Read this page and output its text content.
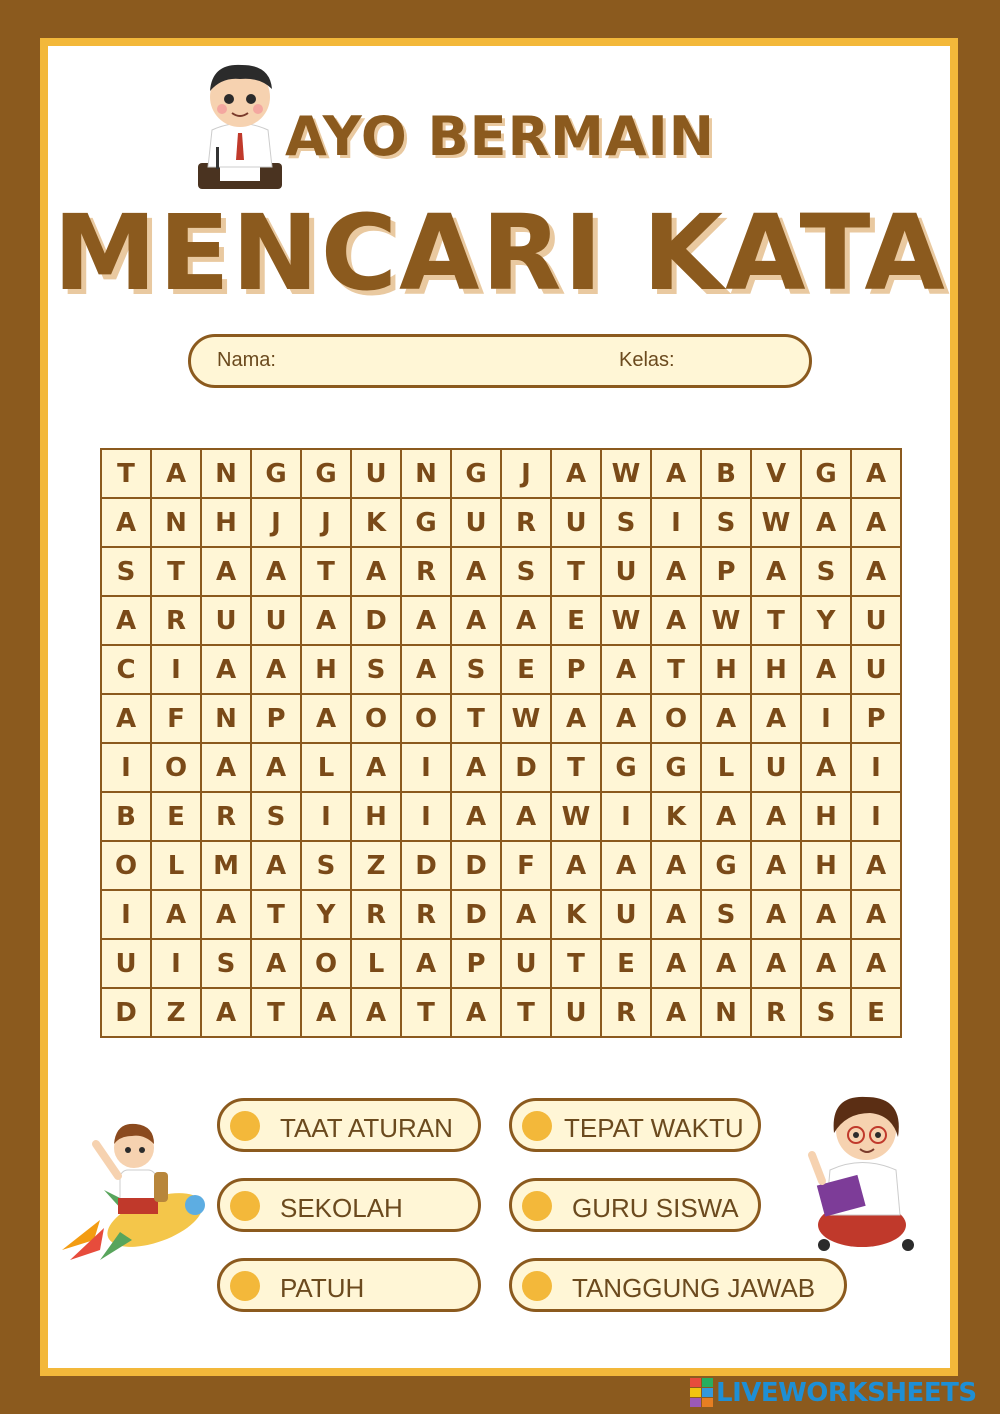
AYO BERMAIN
MENCARI KATA
Nama:	Kelas:
T	A	N	G	G	U	N	G	J	A	W	A	B	V	G	A
A	N	H	J	J	K	G	U	R	U	S	I	S	W	A	A
S	T	A	A	T	A	R	A	S	T	U	A	P	A	S	A
A	R	U	U	A	D	A	A	A	E	W	A	W	T	Y	U
C	I	A	A	H	S	A	S	E	P	A	T	H	H	A	U
A	F	N	P	A	O	O	T	W	A	A	O	A	A	I	P
I	O	A	A	L	A	I	A	D	T	G	G	L	U	A	I
B	E	R	S	I	H	I	A	A	W	I	K	A	A	H	I
O	L	M	A	S	Z	D	D	F	A	A	A	G	A	H	A
I	A	A	T	Y	R	R	D	A	K	U	A	S	A	A	A
U	I	S	A	O	L	A	P	U	T	E	A	A	A	A	A
D	Z	A	T	A	A	T	A	T	U	R	A	N	R	S	E
TAAT ATURAN	TEPAT WAKTU
SEKOLAH	GURU SISWA
PATUH	TANGGUNG JAWAB
LIVEWORKSHEETS
